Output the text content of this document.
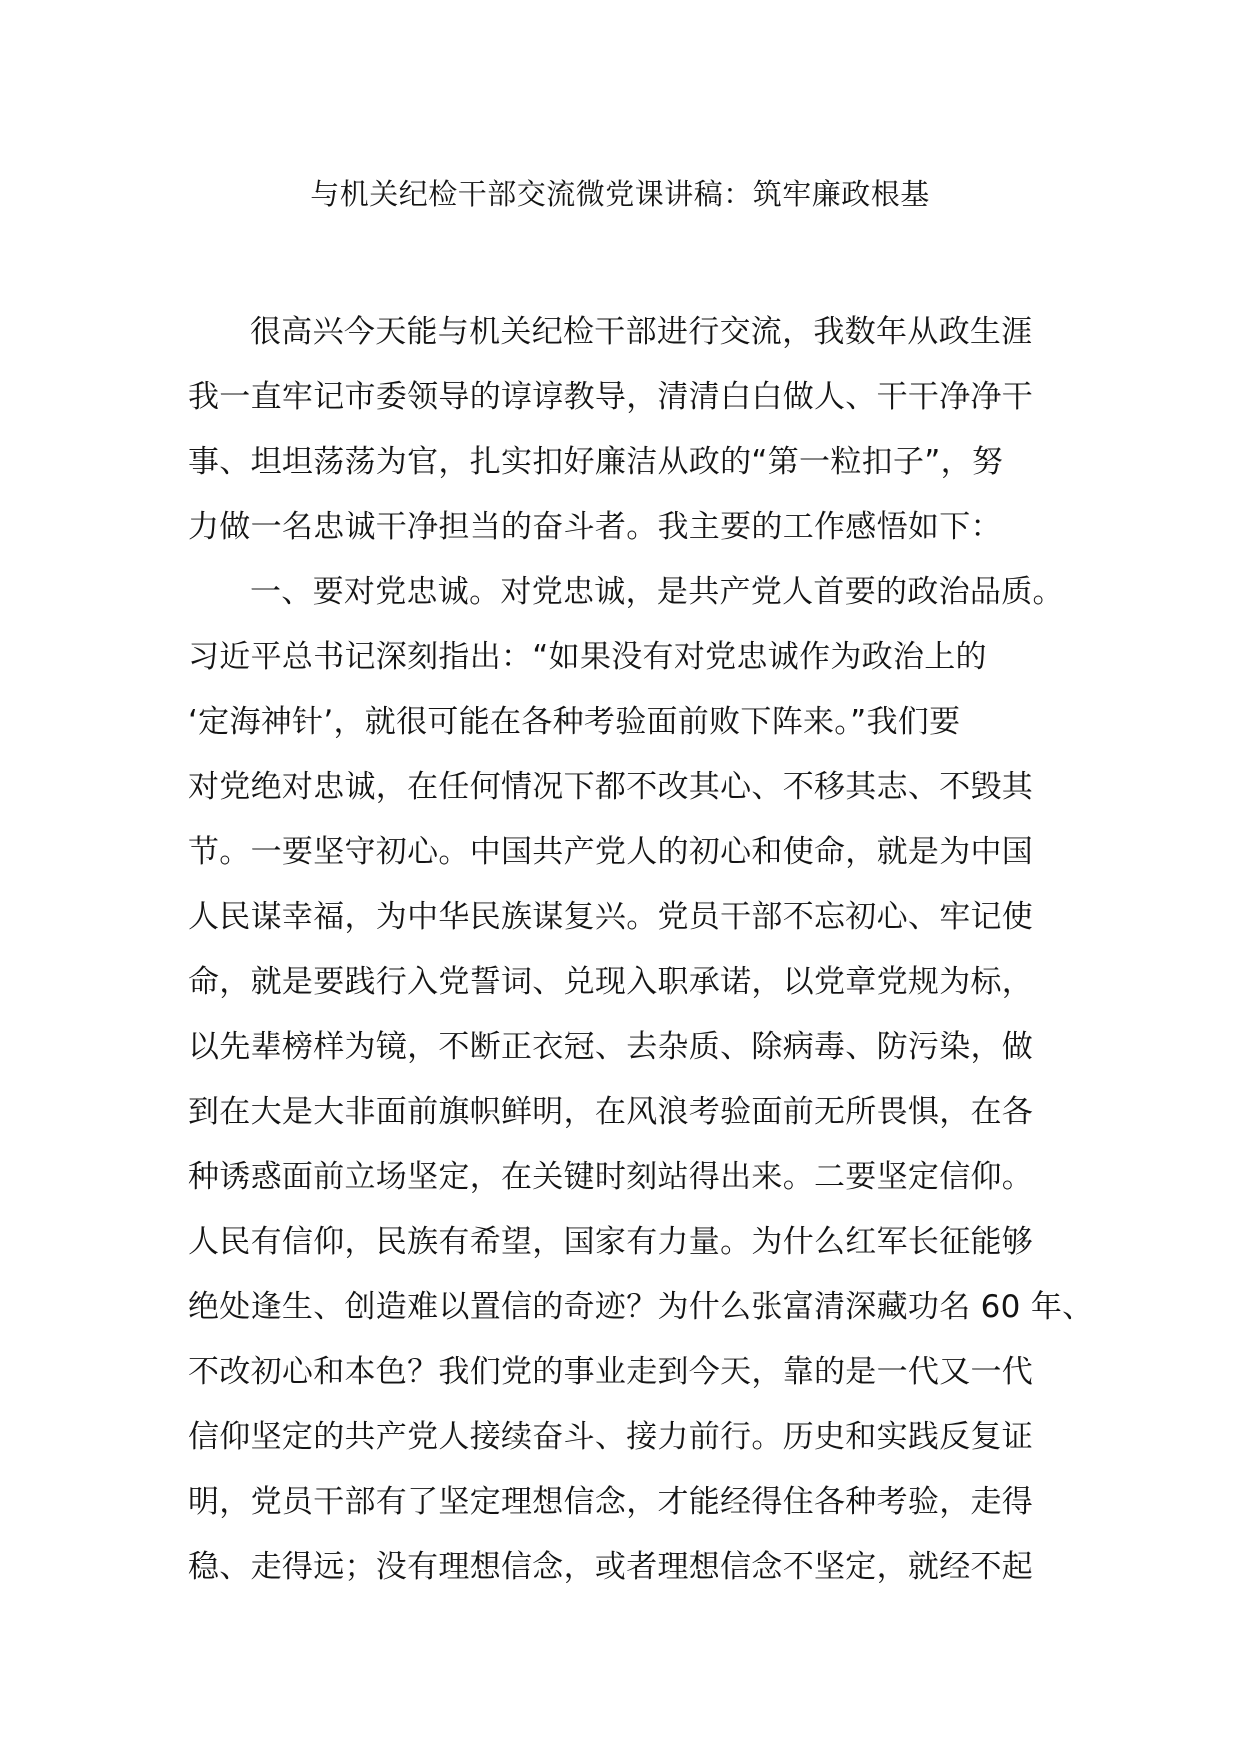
与机关纪检干部交流微党课讲稿：筑牢廉政根基
很高兴今天能与机关纪检干部进行交流，我数年从政生涯
我一直牢记市委领导的谆谆教导，清清白白做人、干干净净干
事、坦坦荡荡为官，扎实扣好廉洁从政的“第一粒扣子”，努
力做一名忠诚干净担当的奋斗者。我主要的工作感悟如下：
一、要对党忠诚。对党忠诚，是共产党人首要的政治品质。
习近平总书记深刻指出：“如果没有对党忠诚作为政治上的
‘定海神针’，就很可能在各种考验面前败下阵来。”我们要
对党绝对忠诚，在任何情况下都不改其心、不移其志、不毁其
节。一要坚守初心。中国共产党人的初心和使命，就是为中国
人民谋幸福，为中华民族谋复兴。党员干部不忘初心、牢记使
命，就是要践行入党誓词、兑现入职承诺，以党章党规为标，
以先辈榜样为镜，不断正衣冠、去杂质、除病毒、防污染，做
到在大是大非面前旗帜鲜明，在风浪考验面前无所畏惧，在各
种诱惑面前立场坚定，在关键时刻站得出来。二要坚定信仰。
人民有信仰，民族有希望，国家有力量。为什么红军长征能够
绝处逢生、创造难以置信的奇迹？为什么张富清深藏功名 60 年、
不改初心和本色？我们党的事业走到今天，靠的是一代又一代
信仰坚定的共产党人接续奋斗、接力前行。历史和实践反复证
明，党员干部有了坚定理想信念，才能经得住各种考验，走得
稳、走得远；没有理想信念，或者理想信念不坚定，就经不起
